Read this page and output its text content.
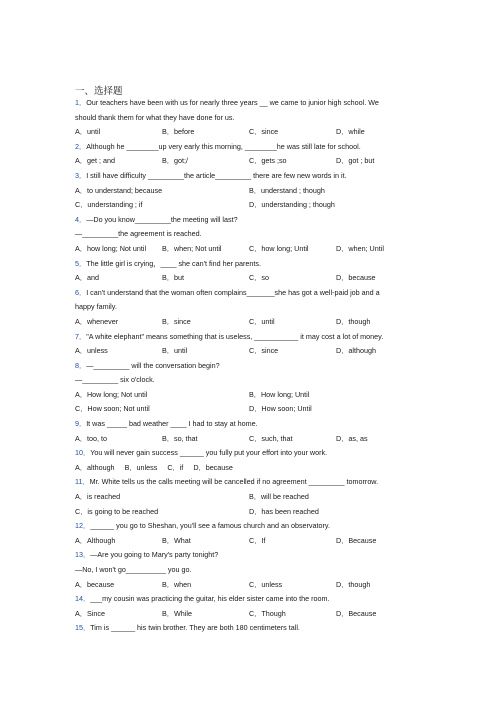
一、选择题
1．Our teachers have been with us for nearly three years __ we came to junior high school. We
should thank them for what they have done for us.
A．until	B．before	C．since	D．while
2．Although he ________up very early this morning, ________he was still late for school.
A．get ; and	B．got;/	C．gets ;so	D．got ; but
3．I still have difficulty _________the article_________ there are few new words in it.
A．to understand; because	B．understand ; though
C．understanding ; if	D．understanding ; though
4．—Do you know_________the meeting will last?
—_________the agreement is reached.
A．how long; Not until	B．when; Not until	C．how long; Until	D．when; Until
5．The little girl is crying，____ she can't find her parents.
A．and	B．but	C．so	D．because
6．I can't understand that the woman often complains_______she has got a well-paid job and a
happy family.
A．whenever	B．since	C．until	D．though
7．"A white elephant" means something that is useless, ___________ it may cost a lot of money.
A．unless	B．until	C．since	D．although
8．—_________ will the conversation begin?
—_________ six o'clock.
A．How long; Not until	B．How long; Until
C．How soon; Not until	D．How soon; Until
9．It was _____ bad weather ____ I had to stay at home.
A．too, to	B．so, that	C．such, that	D．as, as
10．You will never gain success ______ you fully put your effort into your work.
A．although B．unless C．if D．because
11．Mr. White tells us the calls meeting will be cancelled if no agreement _________ tomorrow.
A．is reached	B．will be reached
C．is going to be reached	D．has been reached
12．______ you go to Sheshan, you'll see a famous church and an observatory.
A．Although	B．What	C．If	D．Because
13．—Are you going to Mary's party tonight?
—No, I won't go__________ you go.
A．because	B．when	C．unless	D．though
14．___my cousin was practicing the guitar, his elder sister came into the room.
A．Since	B．While	C．Though	D．Because
15．Tim is ______ his twin brother. They are both 180 centimeters tall.
